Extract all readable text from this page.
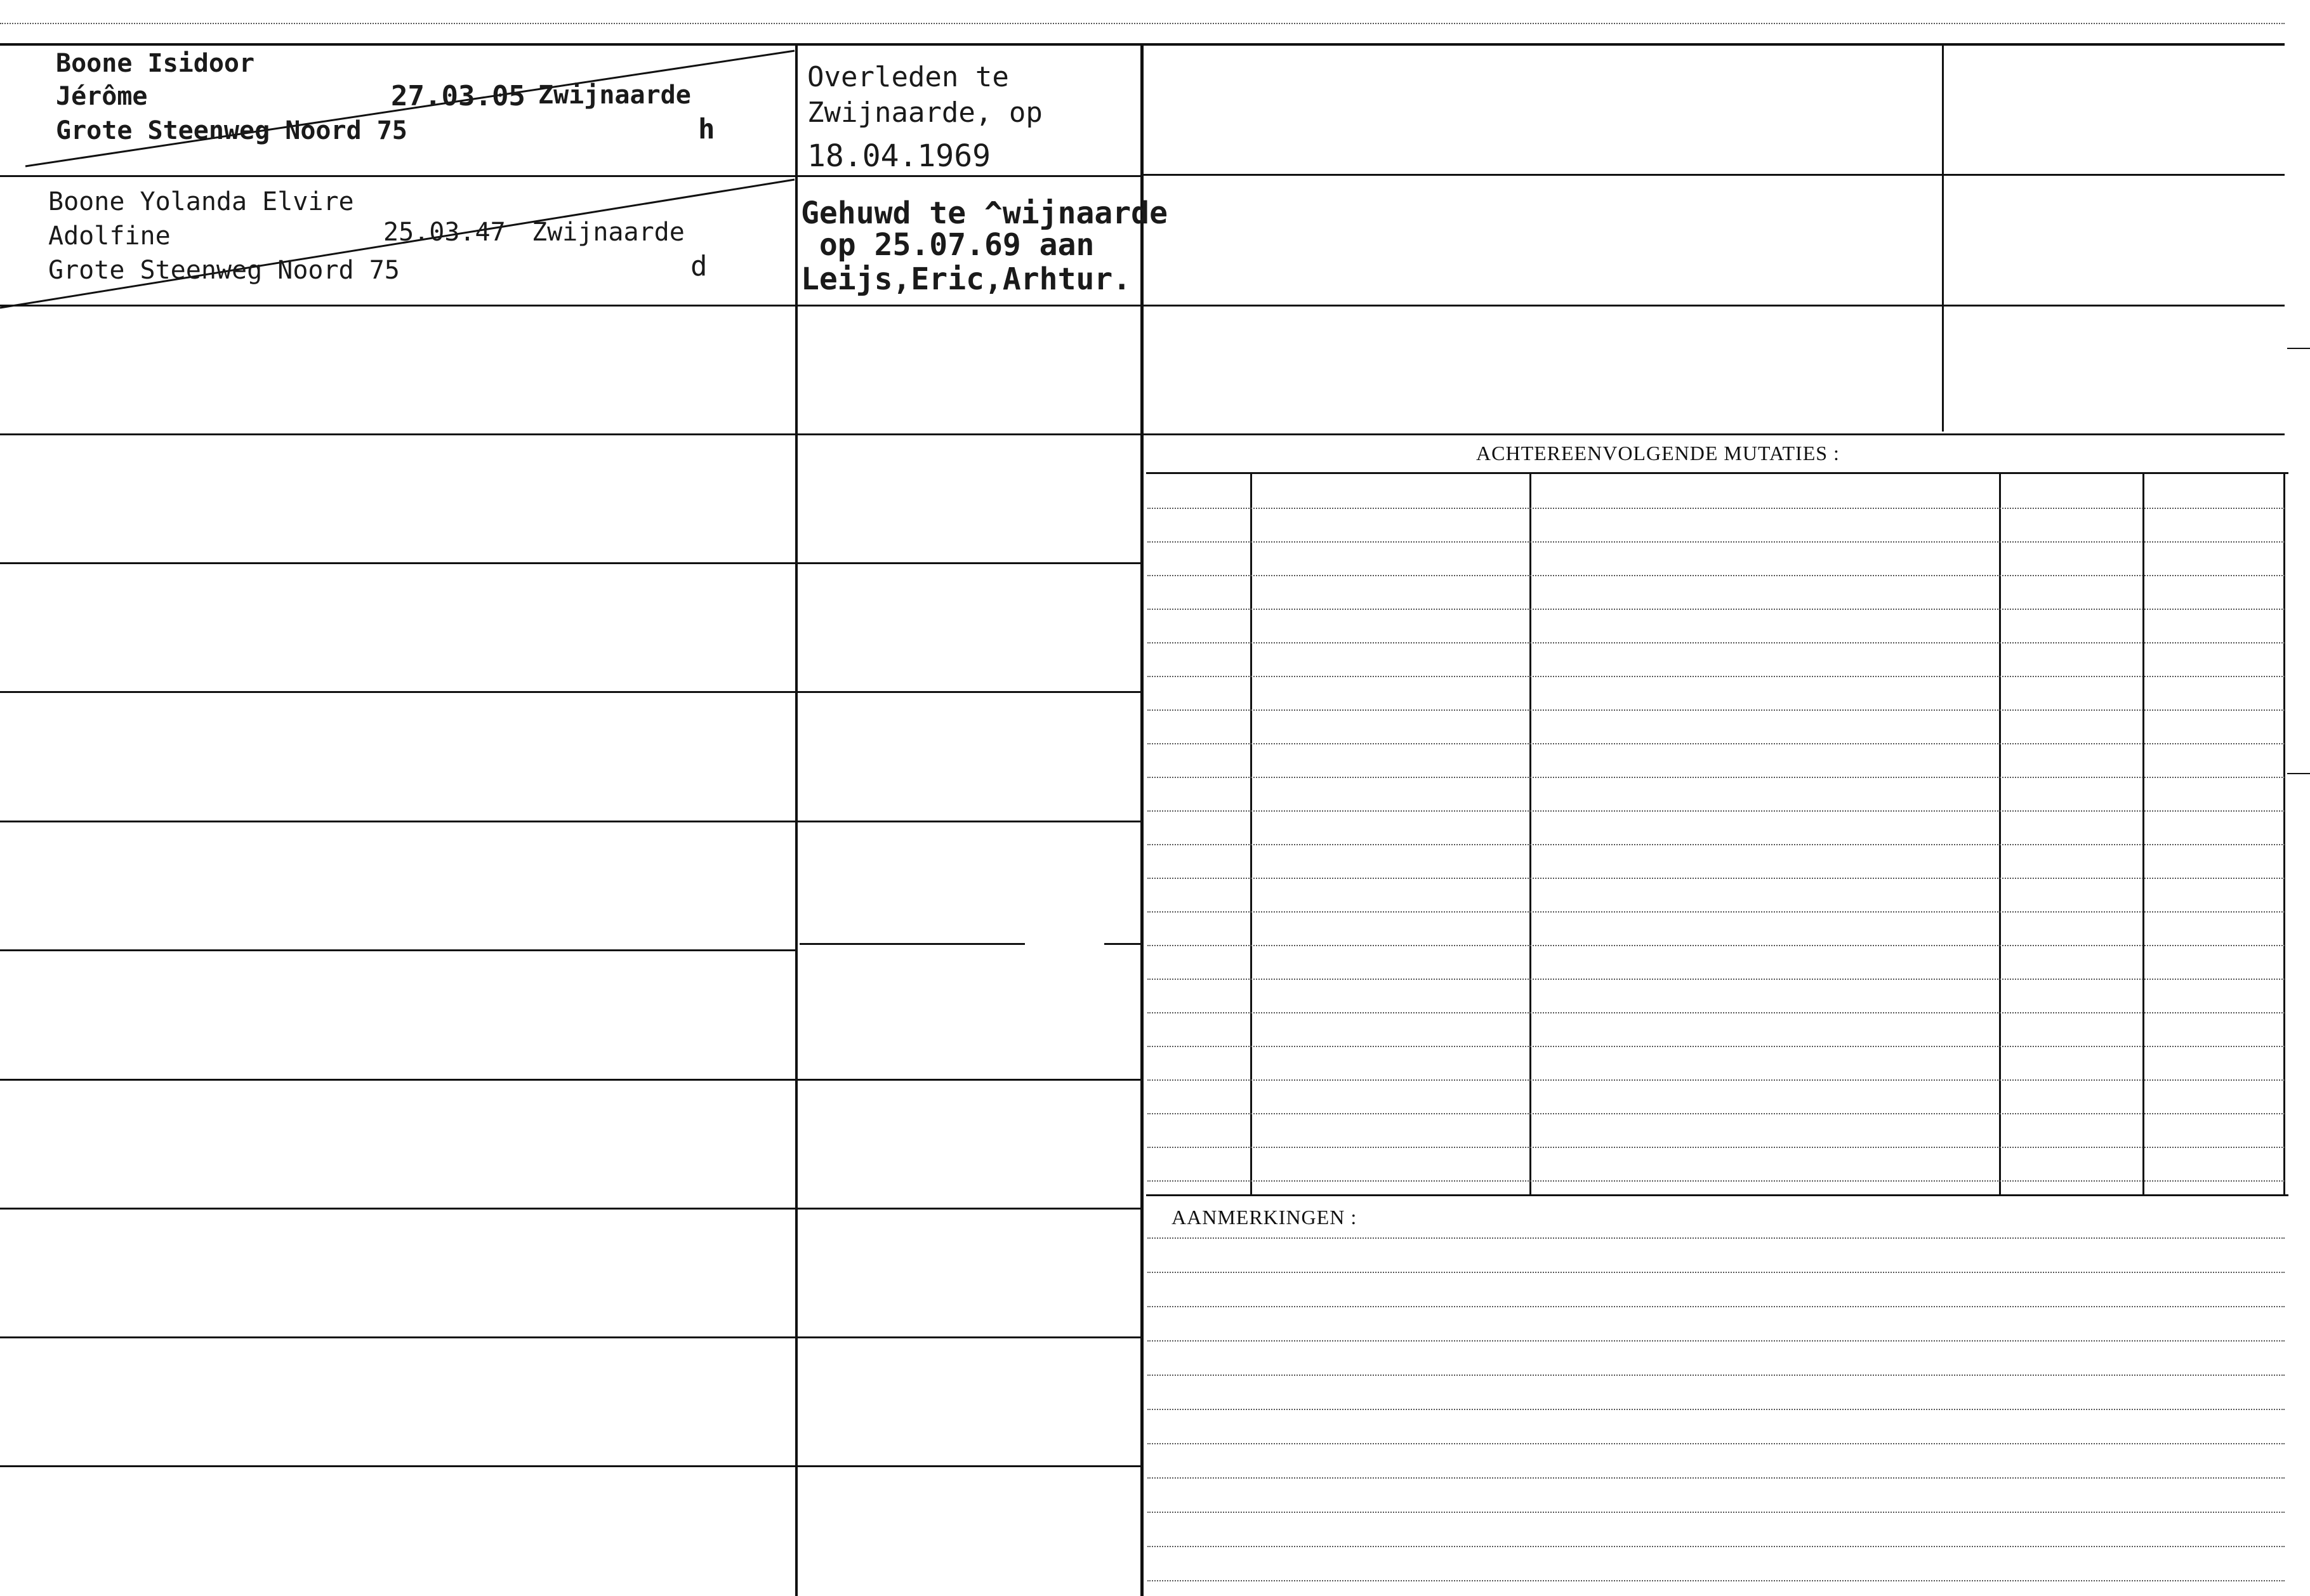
Boone Isidoor
Jérôme	27.03.05 Zwijnaarde
Grote Steenweg Noord 75	h
Overleden te
Zwijnaarde, op
18.04.1969
Boone Yolanda Elvire
Adolfine	25.03.47 Zwijnaarde
Grote Steenweg Noord 75	d
Gehuwd te ^wijnaarde
op 25.07.69 aan
Leijs,Eric,Arhtur.
ACHTEREENVOLGENDE MUTATIES :
AANMERKINGEN :
